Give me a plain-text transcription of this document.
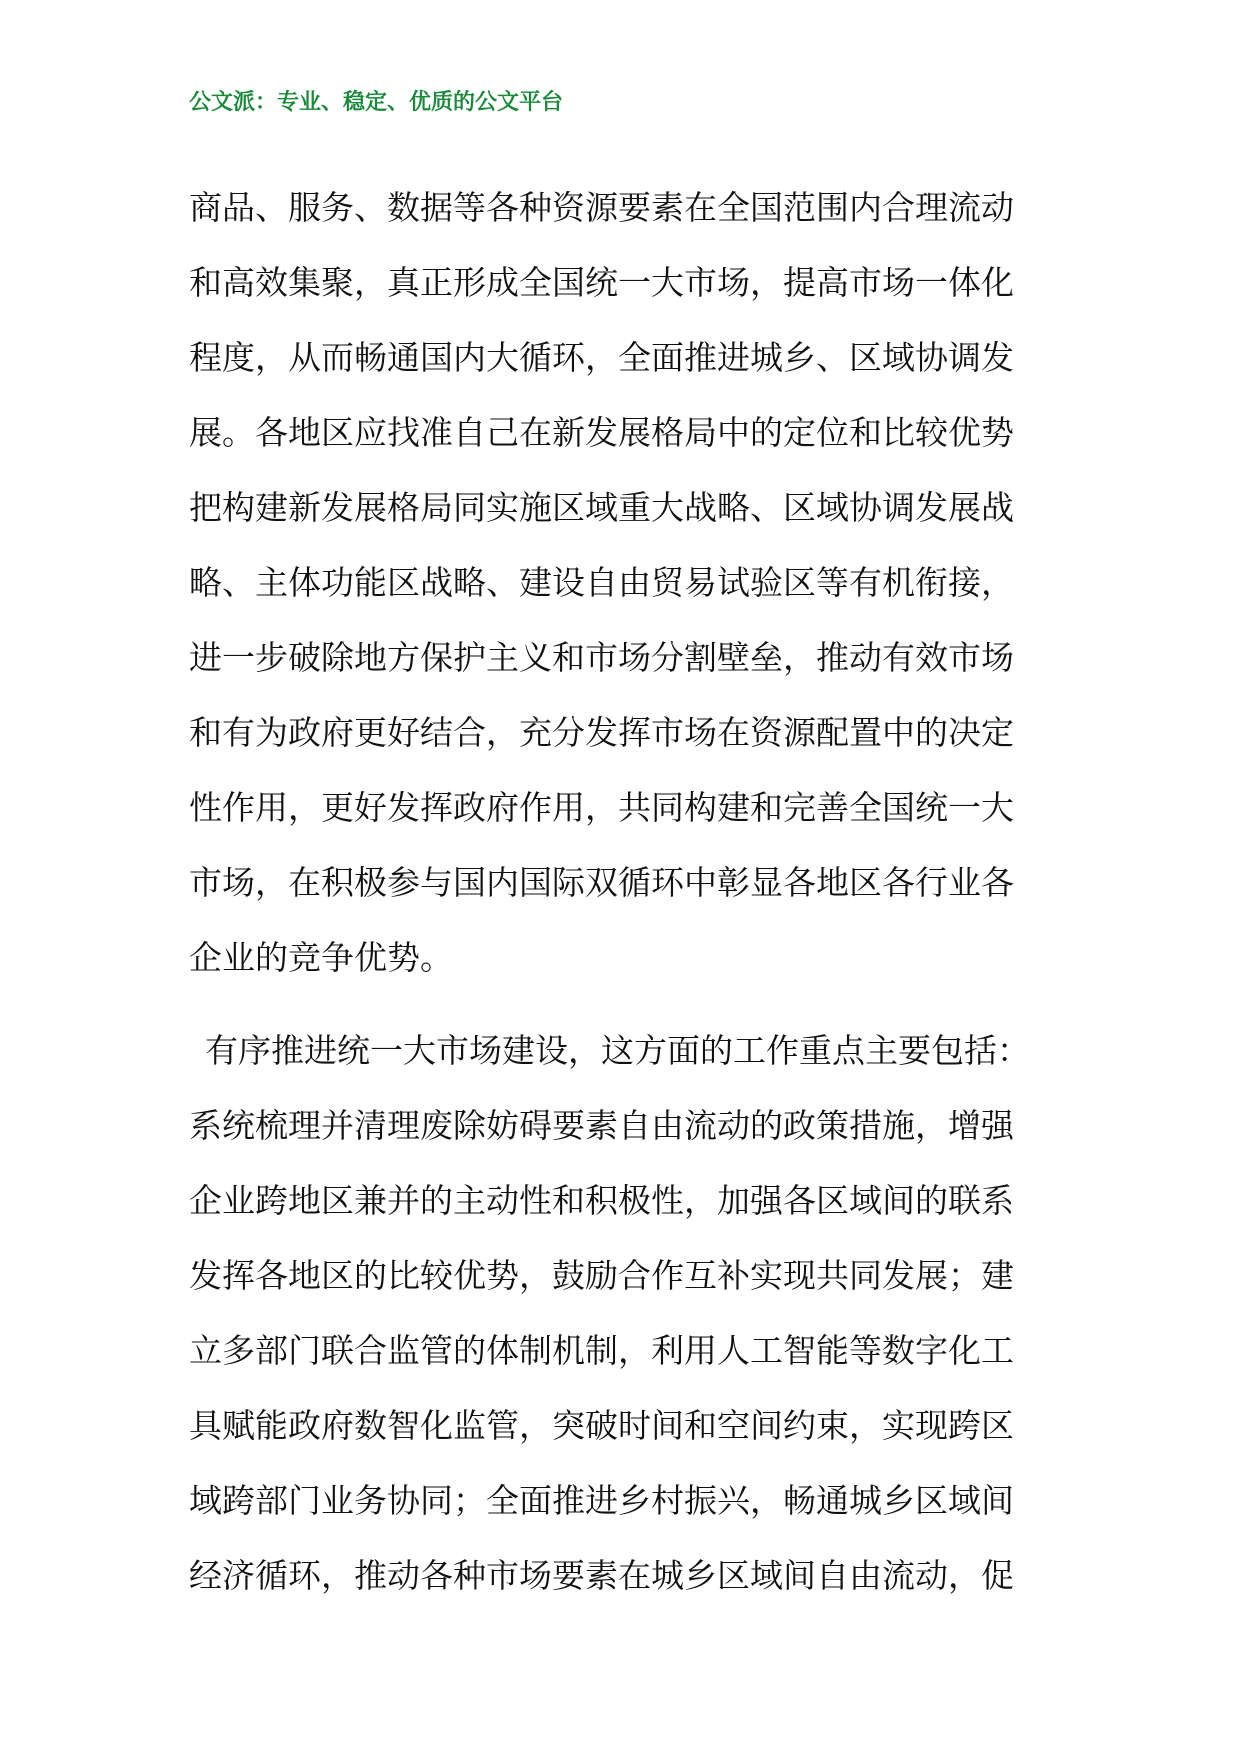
公文派：专业、稳定、优质的公文平台
商品、服务、数据等各种资源要素在全国范围内合理流动
和高效集聚，真正形成全国统一大市场，提高市场一体化
程度，从而畅通国内大循环，全面推进城乡、区域协调发
展。各地区应找准自己在新发展格局中的定位和比较优势
把构建新发展格局同实施区域重大战略、区域协调发展战
略、主体功能区战略、建设自由贸易试验区等有机衔接，
进一步破除地方保护主义和市场分割壁垒，推动有效市场
和有为政府更好结合，充分发挥市场在资源配置中的决定
性作用，更好发挥政府作用，共同构建和完善全国统一大
市场，在积极参与国内国际双循环中彰显各地区各行业各
企业的竞争优势。
有序推进统一大市场建设，这方面的工作重点主要包括：
系统梳理并清理废除妨碍要素自由流动的政策措施，增强
企业跨地区兼并的主动性和积极性，加强各区域间的联系
发挥各地区的比较优势，鼓励合作互补实现共同发展；建
立多部门联合监管的体制机制，利用人工智能等数字化工
具赋能政府数智化监管，突破时间和空间约束，实现跨区
域跨部门业务协同；全面推进乡村振兴，畅通城乡区域间
经济循环，推动各种市场要素在城乡区域间自由流动，促
